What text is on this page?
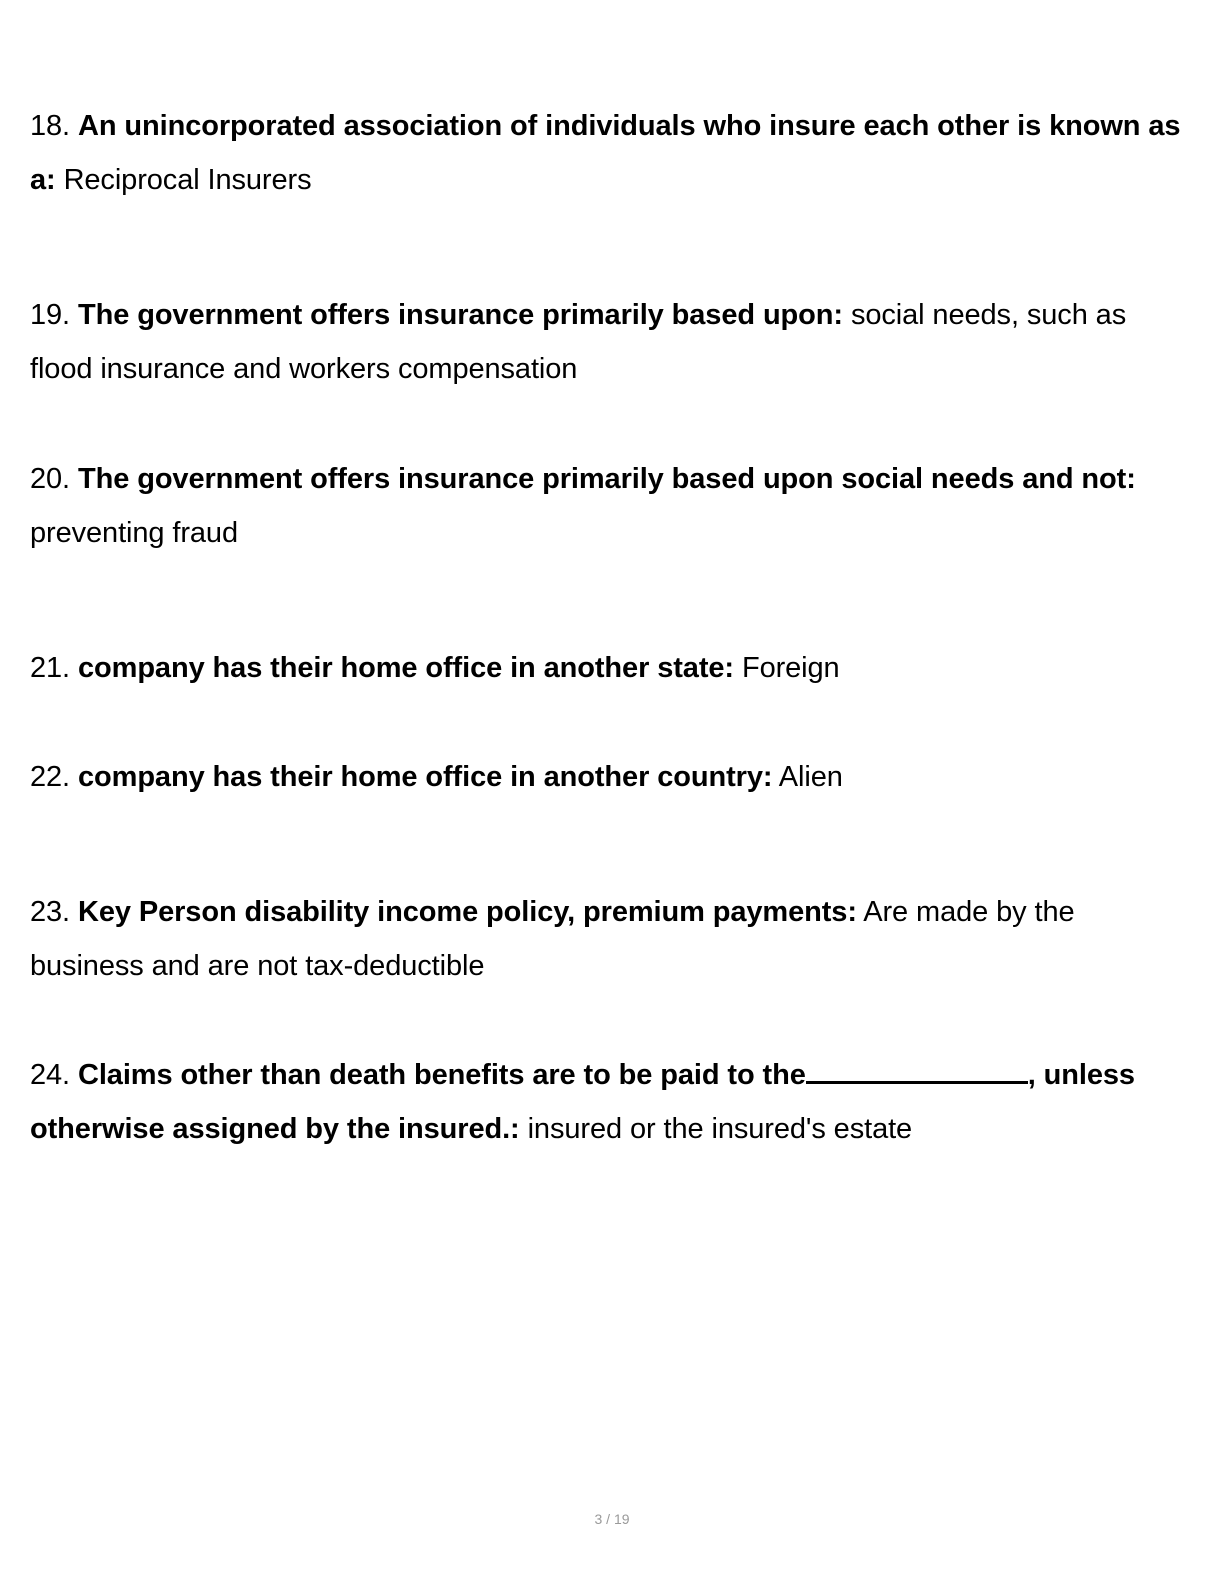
18. An unincorporated association of individuals who insure each other is known as a: Reciprocal Insurers

19. The government offers insurance primarily based upon: social needs, such as flood insurance and workers compensation

20. The government offers insurance primarily based upon social needs and not: preventing fraud

21. company has their home office in another state: Foreign

22. company has their home office in another country: Alien

23. Key Person disability income policy, premium payments: Are made by the business and are not tax-deductible

24. Claims other than death benefits are to be paid to the	, unless otherwise assigned by the insured.: insured or the insured's estate

3 / 19
